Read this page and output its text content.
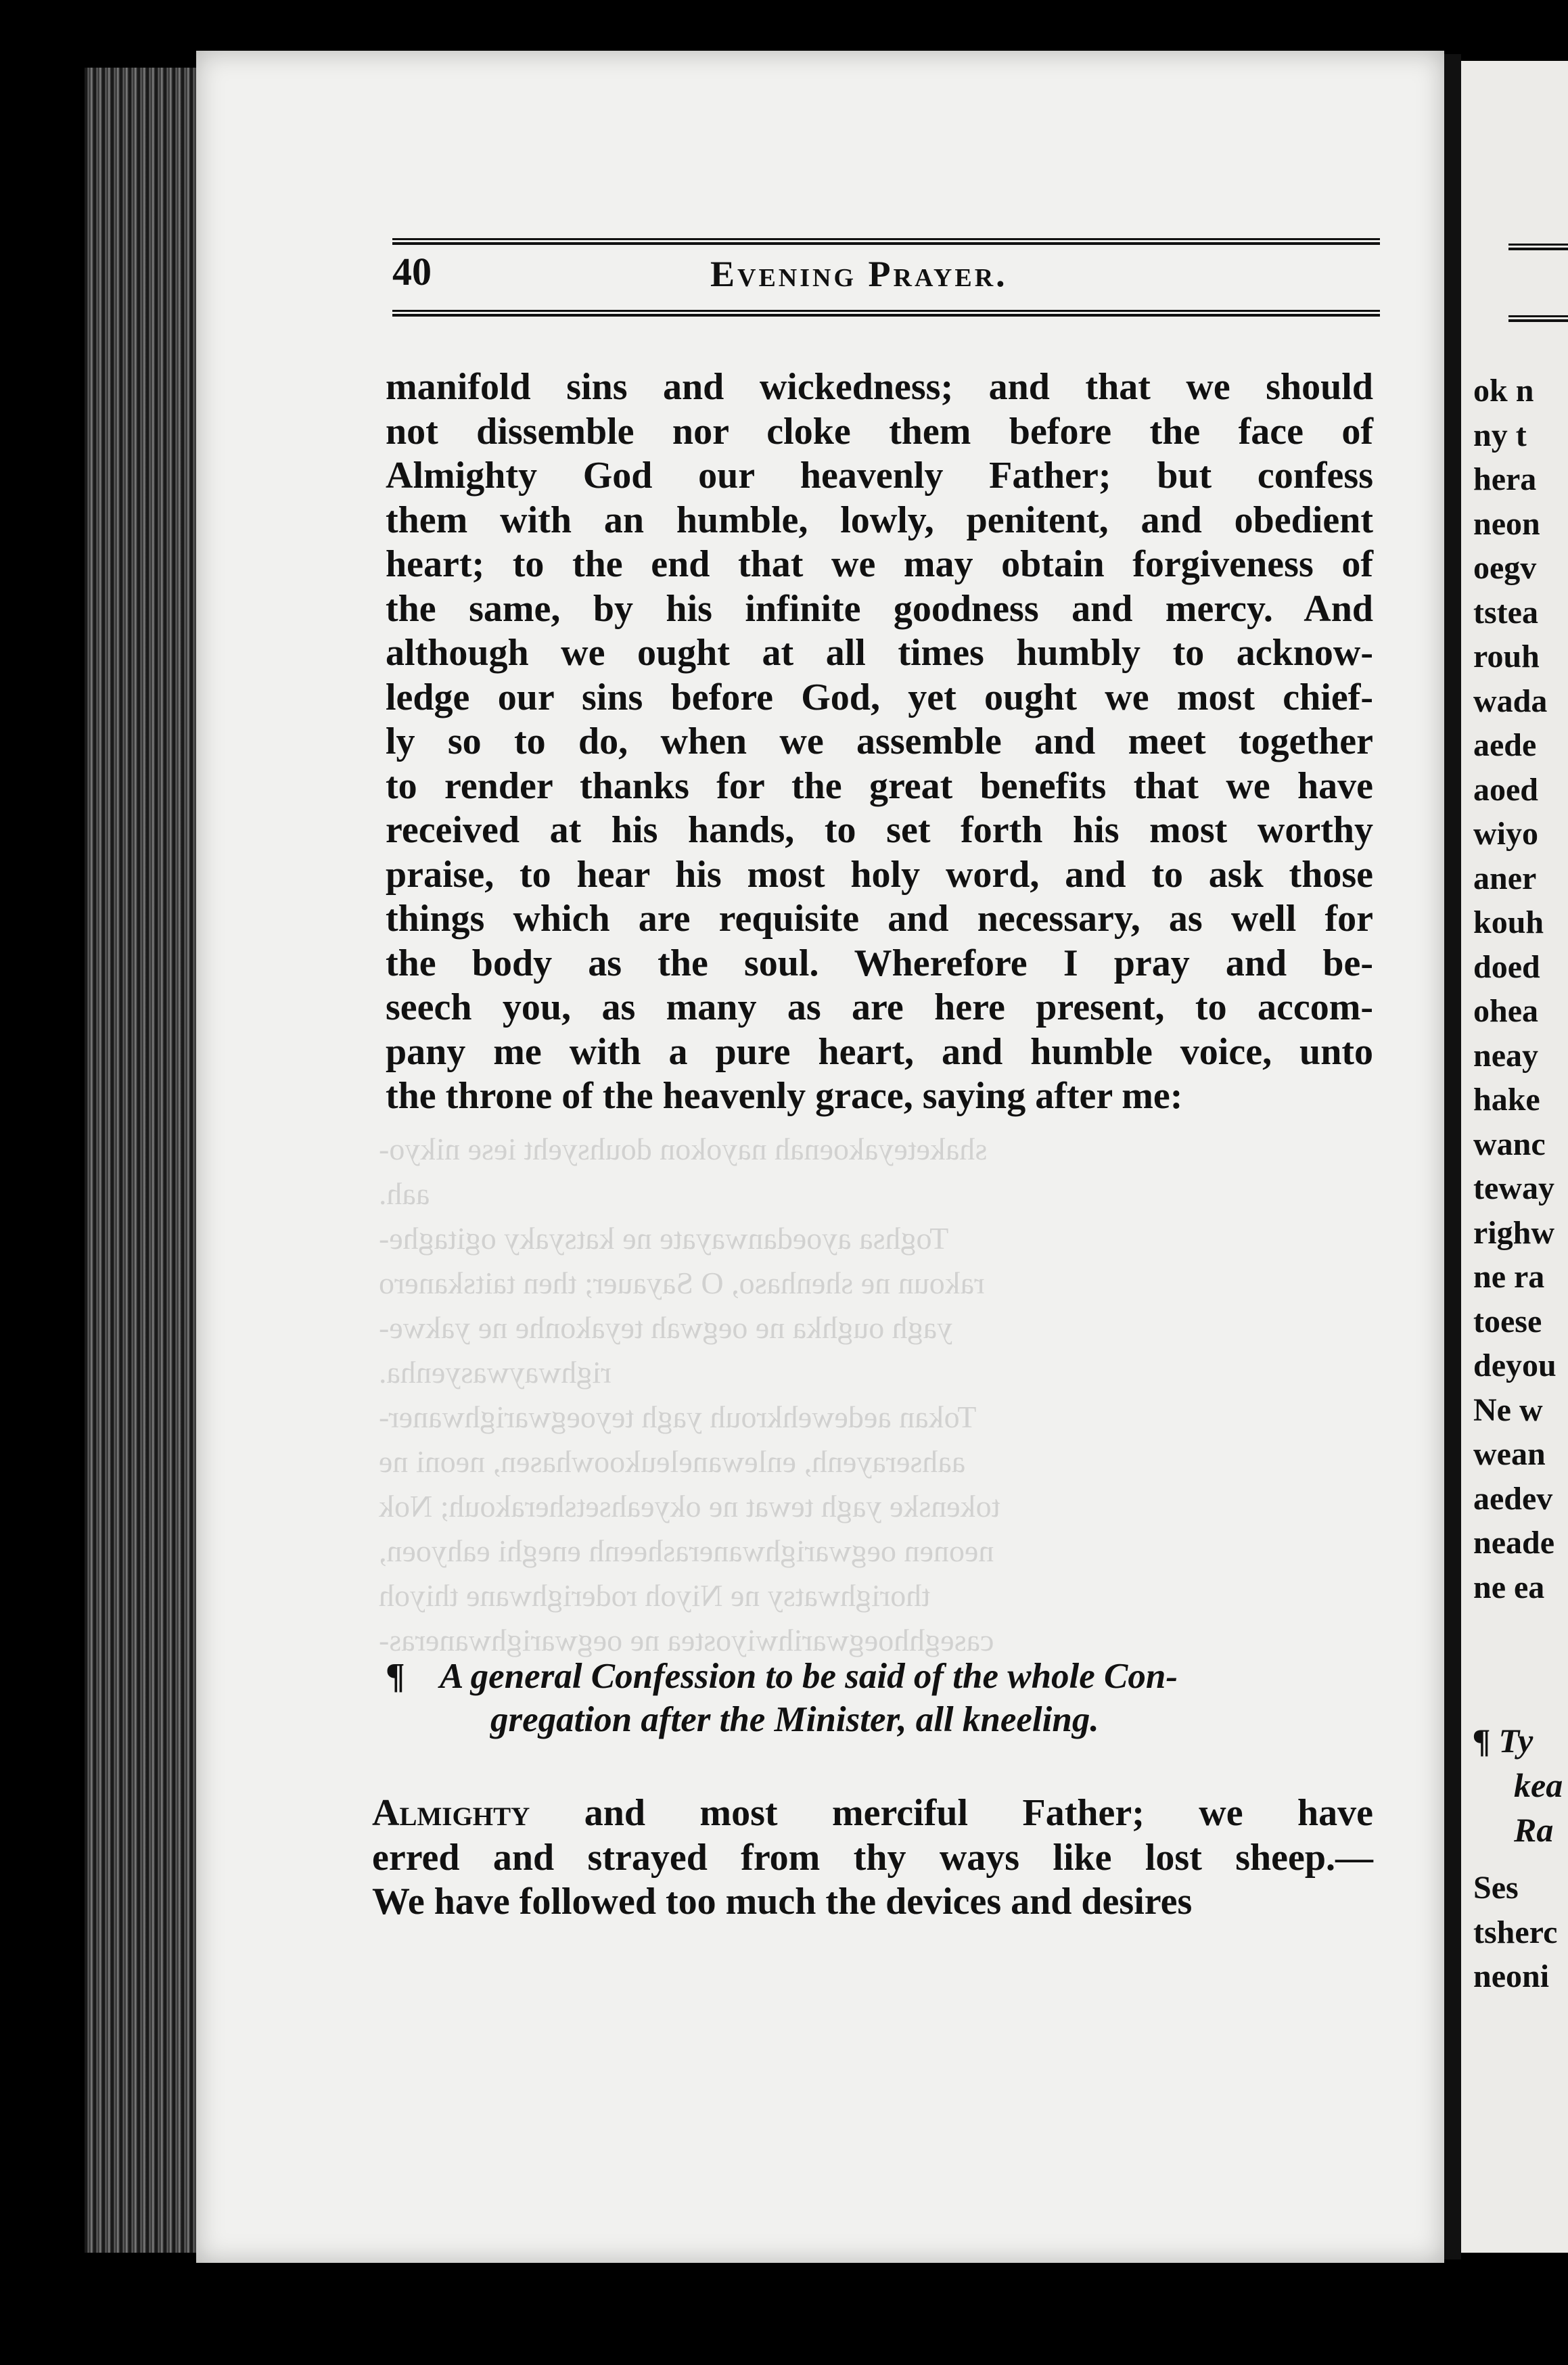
40	Evening Prayer.
shaketeyakoenah nayokon douhsyeht iese nikyo-
aah.
Toghsa ayoedanwayate ne katsyaky ogitaghe-
rakoun ne shenhaso, O Sayauer; then taitskanero
yagh oughka ne oegwah teyakonhe ne yakwe-
righwaywasyenha.
Tokan aedewehkrouh yagh teyoegwarighwaner-
aahserayenh, enlewaneleukoowhasen, neoni ne
tokenske yagh tewat ne okyeahsetsherakouh; Nok
neonen oegwarighwanerasheenh eneghi eahyoen,
thorighwatsy ne Niyoh roderighwane thiyoh
caseghhoegwarihwiyostea ne oegwarighwaneras-
manifold sins and wickedness; and that we should
not dissemble nor cloke them before the face of
Almighty God our heavenly Father; but confess
them with an humble, lowly, penitent, and obedient
heart; to the end that we may obtain forgiveness of
the same, by his infinite goodness and mercy. And
although we ought at all times humbly to acknow-
ledge our sins before God, yet ought we most chief-
ly so to do, when we assemble and meet together
to render thanks for the great benefits that we have
received at his hands, to set forth his most worthy
praise, to hear his most holy word, and to ask those
things which are requisite and necessary, as well for
the body as the soul. Wherefore I pray and be-
seech you, as many as are here present, to accom-
pany me with a pure heart, and humble voice, unto
the throne of the heavenly grace, saying after me:
¶ A general Confession to be said of the whole Con-
gregation after the Minister, all kneeling.
Almighty and most merciful Father; we have
erred and strayed from thy ways like lost sheep.—
We have followed too much the devices and desires
ok n
ny t
hera
neon
oegv
tstea
rouh
wada
aede
aoed
wiyo
aner
kouh
doed
ohea
neay
hake
wanc
teway
righw
ne ra
toese
deyou
Ne w
wean
aedev
neade
ne ea
¶ Ty
kea
Ra
Ses
tsherc
neoni
